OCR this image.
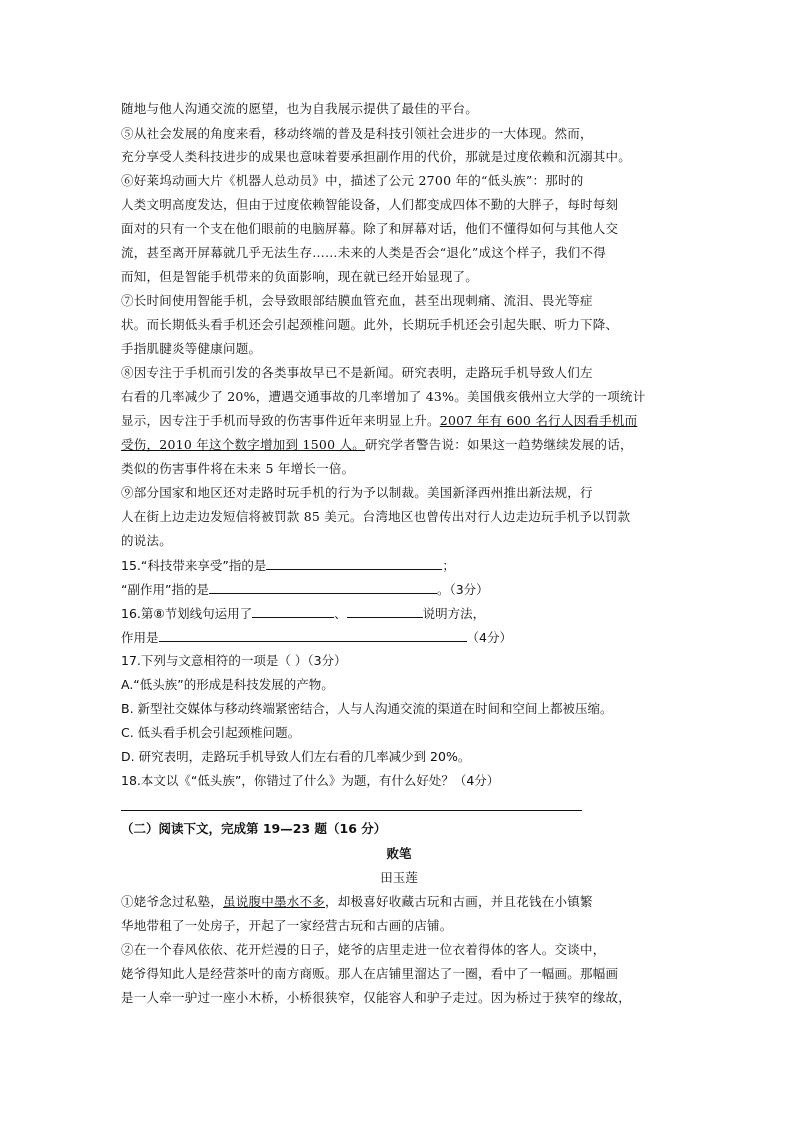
随地与他人沟通交流的愿望，也为自我展示提供了最佳的平台。
⑤从社会发展的角度来看，移动终端的普及是科技引领社会进步的一大体现。然而，
充分享受人类科技进步的成果也意味着要承担副作用的代价，那就是过度依赖和沉溺其中。
⑥好莱坞动画大片《机器人总动员》中，描述了公元 2700 年的“低头族”：那时的
人类文明高度发达，但由于过度依赖智能设备，人们都变成四体不勤的大胖子，每时每刻
面对的只有一个支在他们眼前的电脑屏幕。除了和屏幕对话，他们不懂得如何与其他人交
流，甚至离开屏幕就几乎无法生存……未来的人类是否会“退化”成这个样子，我们不得
而知，但是智能手机带来的负面影响，现在就已经开始显现了。
⑦长时间使用智能手机，会导致眼部结膜血管充血，甚至出现刺痛、流泪、畏光等症
状。而长期低头看手机还会引起颈椎问题。此外，长期玩手机还会引起失眠、听力下降、
手指肌腱炎等健康问题。
⑧因专注于手机而引发的各类事故早已不是新闻。研究表明，走路玩手机导致人们左
右看的几率减少了 20%，遭遇交通事故的几率增加了 43%。美国俄亥俄州立大学的一项统计
显示，因专注于手机而导致的伤害事件近年来明显上升。2007 年有 600 名行人因看手机而
受伤，2010 年这个数字增加到 1500 人。研究学者警告说：如果这一趋势继续发展的话，
类似的伤害事件将在未来 5 年增长一倍。
⑨部分国家和地区还对走路时玩手机的行为予以制裁。美国新泽西州推出新法规，行
人在街上边走边发短信将被罚款 85 美元。台湾地区也曾传出对行人边走边玩手机予以罚款
的说法。
15.“科技带来享受”指的是	；
“副作用”指的是	。（3分）
16.第⑧节划线句运用了	、	说明方法，
作用是	（4分）
17.下列与文意相符的一项是（ ）（3分）
A.“低头族”的形成是科技发展的产物。
B. 新型社交媒体与移动终端紧密结合，人与人沟通交流的渠道在时间和空间上都被压缩。
C. 低头看手机会引起颈椎问题。
D. 研究表明，走路玩手机导致人们左右看的几率减少到 20%。
18.本文以《“低头族”，你错过了什么》为题，有什么好处？（4分）
（二）阅读下文，完成第 19—23 题（16 分）
败笔
田玉莲
①姥爷念过私塾，虽说腹中墨水不多，却极喜好收藏古玩和古画，并且花钱在小镇繁
华地带租了一处房子，开起了一家经营古玩和古画的店铺。
②在一个春风依依、花开烂漫的日子，姥爷的店里走进一位衣着得体的客人。交谈中，
姥爷得知此人是经营茶叶的南方商贩。那人在店铺里溜达了一圈，看中了一幅画。那幅画
是一人牵一驴过一座小木桥，小桥很狭窄，仅能容人和驴子走过。因为桥过于狭窄的缘故，
